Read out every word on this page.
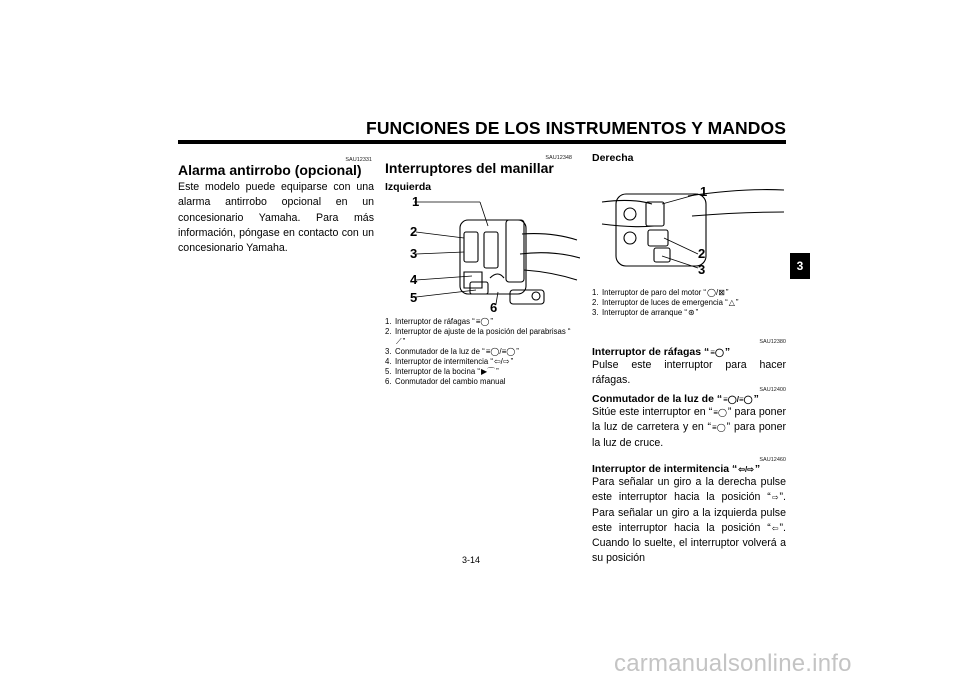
FUNCIONES DE LOS INSTRUMENTOS Y MANDOS
3
SAU12331
Alarma antirrobo (opcional)
Este modelo puede equiparse con una alarma antirrobo opcional en un concesionario Yamaha. Para más información, póngase en contacto con un concesionario Yamaha.
SAU12348
Interruptores del manillar
Izquierda
1
2
3
4
5
6
1. Interruptor de ráfagas “≡◯”
2. Interruptor de ajuste de la posición del parabrisas “⟋”
3. Conmutador de la luz de “≡◯/≡◯”
4. Interruptor de intermitencia “⇦/⇨”
5. Interruptor de la bocina “▶⌒”
6. Conmutador del cambio manual
Derecha
1
2
3
1. Interruptor de paro del motor “◯/⊠”
2. Interruptor de luces de emergencia “△”
3. Interruptor de arranque “⊛”
SAU12380
Interruptor de ráfagas “≡◯”
Pulse este interruptor para hacer ráfagas.
SAU12400
Conmutador de la luz de “≡◯/≡◯”
Sitúe este interruptor en “≡◯” para poner la luz de carretera y en “≡◯” para poner la luz de cruce.
SAU12460
Interruptor de intermitencia “⇦/⇨”
Para señalar un giro a la derecha pulse este interruptor hacia la posición “⇨”. Para señalar un giro a la izquierda pulse este interruptor hacia la posición “⇦”. Cuando lo suelte, el interruptor volverá a su posición
3-14
carmanualsonline.info
